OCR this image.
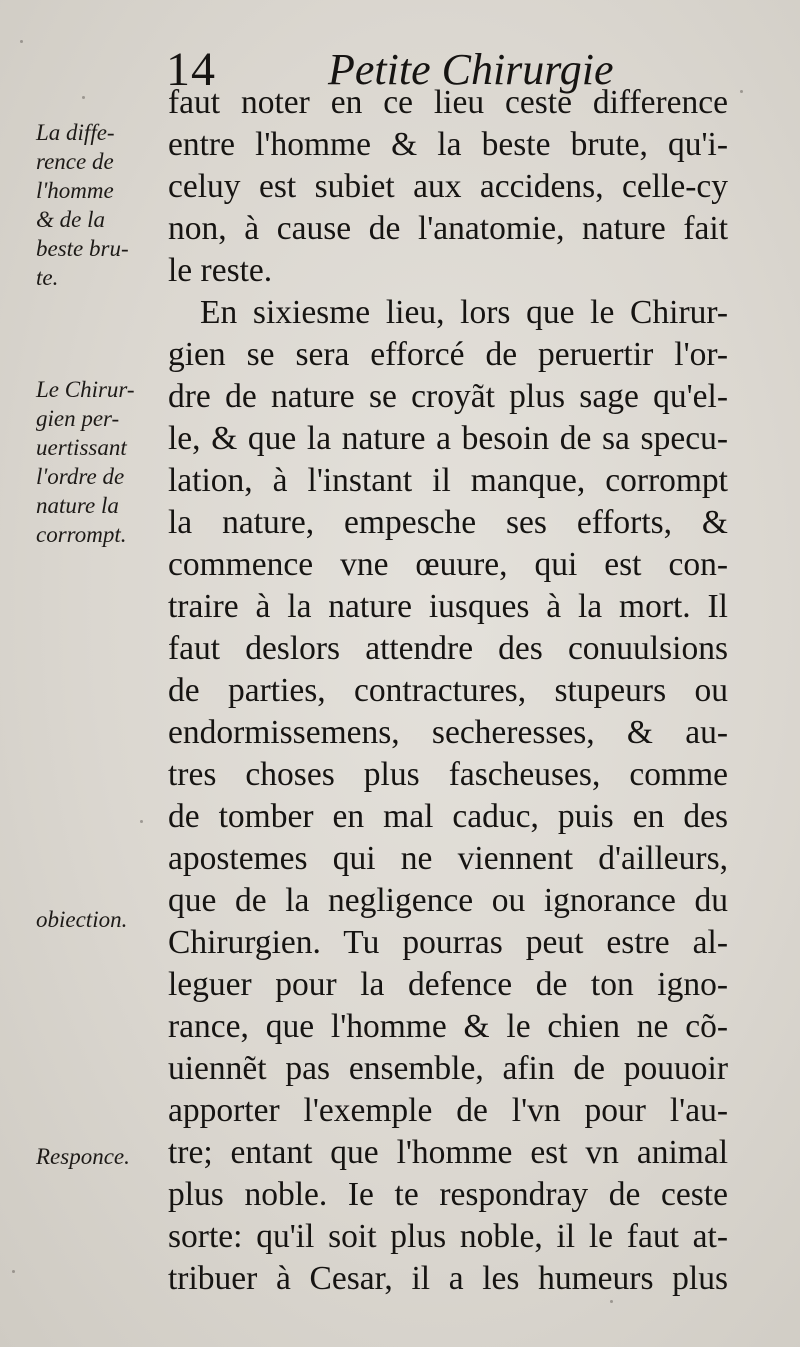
14	Petite Chirurgie
La diffe-
rence de
l'homme
& de la
beste bru-
te.
Le Chirur-
gien per-
uertissant
l'ordre de
nature la
corrompt.
obiection.
Responce.
faut noter en ce lieu ceste difference
entre l'homme & la beste brute, qu'i-
celuy est subiet aux accidens, celle-cy
non, à cause de l'anatomie, nature fait
le reste.
En sixiesme lieu, lors que le Chirur-
gien se sera efforcé de peruertir l'or-
dre de nature se croyãt plus sage qu'el-
le, & que la nature a besoin de sa specu-
lation, à l'instant il manque, corrompt
la nature, empesche ses efforts, &
commence vne œuure, qui est con-
traire à la nature iusques à la mort. Il
faut deslors attendre des conuulsions
de parties, contractures, stupeurs ou
endormissemens, secheresses, & au-
tres choses plus fascheuses, comme
de tomber en mal caduc, puis en des
apostemes qui ne viennent d'ailleurs,
que de la negligence ou ignorance du
Chirurgien. Tu pourras peut estre al-
leguer pour la defence de ton igno-
rance, que l'homme & le chien ne cõ-
uiennẽt pas ensemble, afin de pouuoir
apporter l'exemple de l'vn pour l'au-
tre; entant que l'homme est vn animal
plus noble. Ie te respondray de ceste
sorte: qu'il soit plus noble, il le faut at-
tribuer à Cesar, il a les humeurs plus
